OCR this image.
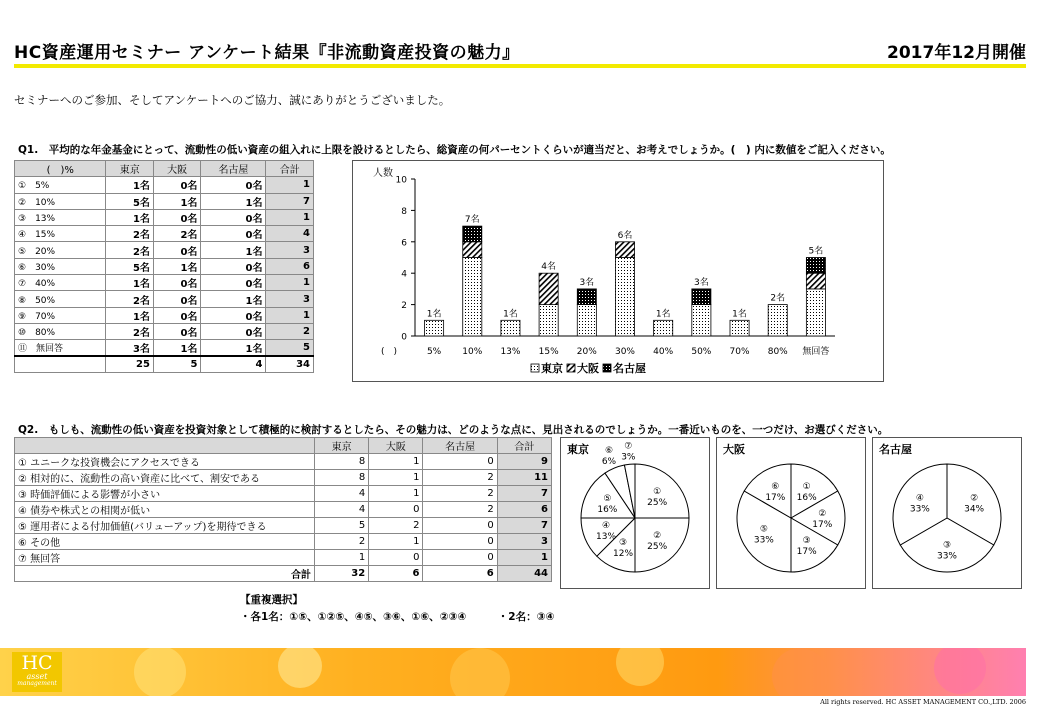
HC資産運用セミナー アンケート結果『非流動資産投資の魅力』	2017年12月開催
セミナーへのご参加、そしてアンケートへのご協力、誠にありがとうございました。
Q1.　平均的な年金基金にとって、流動性の低い資産の組入れに上限を設けるとしたら、総資産の何パーセントくらいが適当だと、お考えでしょうか。(　) 内に数値をご記入ください。
(　)%	東京	大阪	名古屋	合計
①　5%	1名	0名	0名	1
②　10%	5名	1名	1名	7
③　13%	1名	0名	0名	1
④　15%	2名	2名	0名	4
⑤　20%	2名	0名	1名	3
⑥　30%	5名	1名	0名	6
⑦　40%	1名	0名	0名	1
⑧　50%	2名	0名	1名	3
⑨　70%	1名	0名	0名	1
⑩　80%	2名	0名	0名	2
⑪　無回答	3名	1名	1名	5
	25	5	4	34
人数
0
2
4
6
8
10
(　)
1名
5%
7名
10%
1名
13%
4名
15%
3名
20%
6名
30%
1名
40%
3名
50%
1名
70%
2名
80%
5名
無回答
東京 大阪 名古屋
Q2.　もしも、流動性の低い資産を投資対象として積極的に検討するとしたら、その魅力は、どのような点に、見出されるのでしょうか。一番近いものを、一つだけ、お選びください。
	東京	大阪	名古屋	合計
① ユニークな投資機会にアクセスできる	8	1	0	9
② 相対的に、流動性の高い資産に比べて、割安である	8	1	2	11
③ 時価評価による影響が小さい	4	1	2	7
④ 債券や株式との相関が低い	4	0	2	6
⑤ 運用者による付加価値(バリューアップ)を期待できる	5	2	0	7
⑥ その他	2	1	0	3
⑦ 無回答	1	0	0	1
合計	32	6	6	44
東京
①
25%
②
25%
③
12%
④
13%
⑤
16%
⑥
6%
⑦
3%
大阪
①
16%
②
17%
③
17%
⑤
33%
⑥
17%
名古屋
②
34%
③
33%
④
33%
【重複選択】
・各1名：①⑤、①②⑤、④⑤、③⑥、①⑥、②③④　　　・2名：③④
HC
asset
management
All rights reserved. HC ASSET MANAGEMENT CO.,LTD. 2006
